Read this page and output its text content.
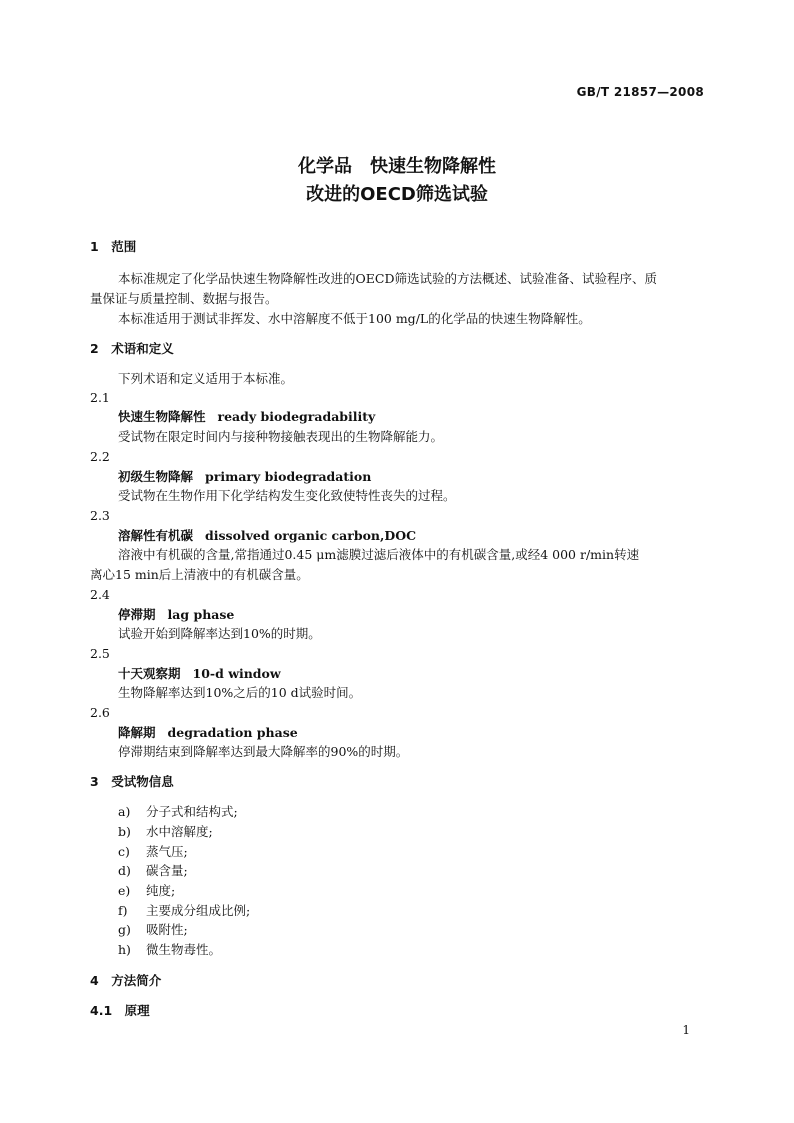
GB/T 21857—2008
化学品　快速生物降解性
改进的OECD筛选试验
1　范围
本标准规定了化学品快速生物降解性改进的OECD筛选试验的方法概述、试验准备、试验程序、质
量保证与质量控制、数据与报告。
本标准适用于测试非挥发、水中溶解度不低于100 mg/L的化学品的快速生物降解性。
2　术语和定义
下列术语和定义适用于本标准。
2.1
快速生物降解性 ready biodegradability
受试物在限定时间内与接种物接触表现出的生物降解能力。
2.2
初级生物降解 primary biodegradation
受试物在生物作用下化学结构发生变化致使特性丧失的过程。
2.3
溶解性有机碳 dissolved organic carbon,DOC
溶液中有机碳的含量,常指通过0.45 μm滤膜过滤后液体中的有机碳含量,或经4 000 r/min转速
离心15 min后上清液中的有机碳含量。
2.4
停滞期 lag phase
试验开始到降解率达到10%的时期。
2.5
十天观察期 10-d window
生物降解率达到10%之后的10 d试验时间。
2.6
降解期 degradation phase
停滞期结束到降解率达到最大降解率的90%的时期。
3　受试物信息
a) 分子式和结构式;
b) 水中溶解度;
c) 蒸气压;
d) 碳含量;
e) 纯度;
f) 主要成分组成比例;
g) 吸附性;
h) 微生物毒性。
4　方法简介
4.1　原理
1
